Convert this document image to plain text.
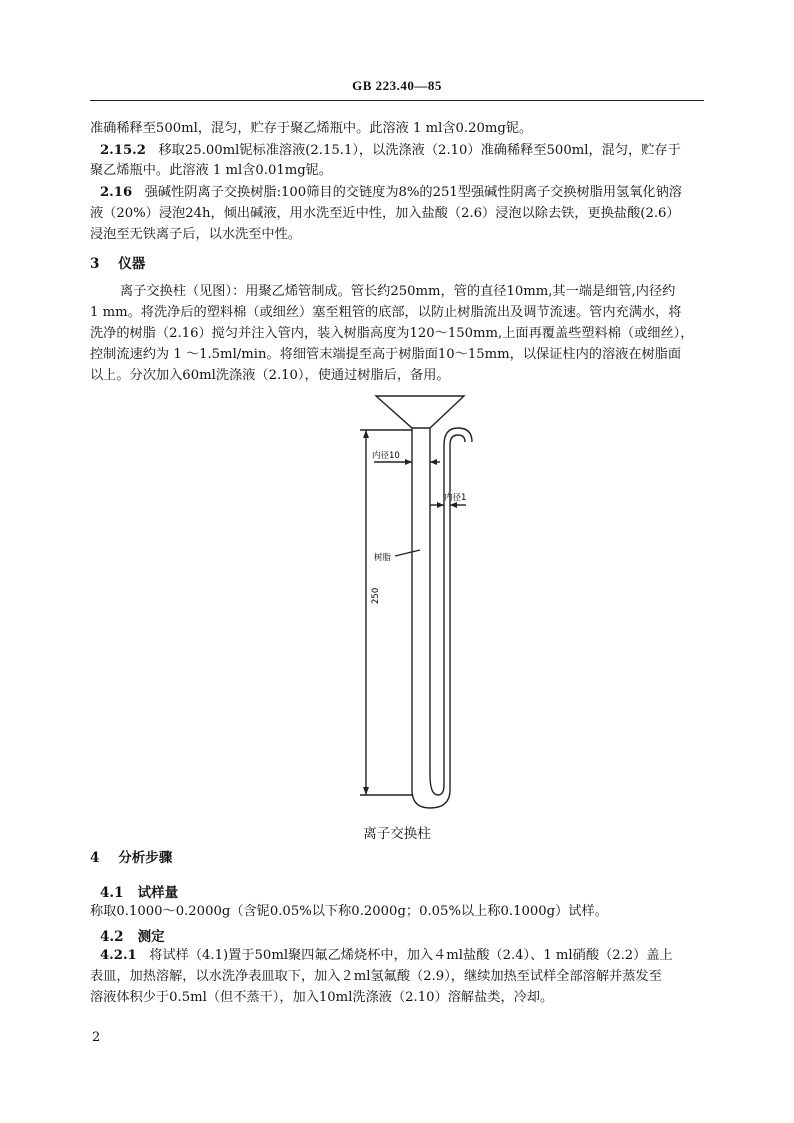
GB 223.40—85
准确稀释至500ml，混匀，贮存于聚乙烯瓶中。此溶液 1 ml含0.20mg铌。
2.15.2 移取25.00ml铌标准溶液(2.15.1），以洗涤液（2.10）准确稀释至500ml，混匀，贮存于
聚乙烯瓶中。此溶液 1 ml含0.01mg铌。
2.16 强碱性阴离子交换树脂:100筛目的交链度为8%的251型强碱性阴离子交换树脂用氢氧化钠溶
液（20%）浸泡24h，倾出碱液，用水洗至近中性，加入盐酸（2.6）浸泡以除去铁，更换盐酸(2.6）
浸泡至无铁离子后，以水洗至中性。
3 仪器
离子交换柱（见图）：用聚乙烯管制成。管长约250mm，管的直径10mm,其一端是细管,内径约
1 mm。将洗净后的塑料棉（或细丝）塞至粗管的底部，以防止树脂流出及调节流速。管内充满水，将
洗净的树脂（2.16）搅匀并注入管内，装入树脂高度为120～150mm,上面再覆盖些塑料棉（或细丝），
控制流速约为 1 ～1.5ml/min。将细管末端提至高于树脂面10～15mm，以保证柱内的溶液在树脂面
以上。分次加入60ml洗涤液（2.10），使通过树脂后，备用。
内径10
内径1
树脂
250
离子交换柱
4 分析步骤
4.1 试样量
称取0.1000～0.2000g（含铌0.05%以下称0.2000g；0.05%以上称0.1000g）试样。
4.2 测定
4.2.1 将试样（4.1)置于50ml聚四氟乙烯烧杯中，加入４ml盐酸（2.4）、1 ml硝酸（2.2）盖上
表皿，加热溶解，以水洗净表皿取下，加入２ml氢氟酸（2.9），继续加热至试样全部溶解并蒸发至
溶液体积少于0.5ml（但不蒸干），加入10ml洗涤液（2.10）溶解盐类，冷却。
2
